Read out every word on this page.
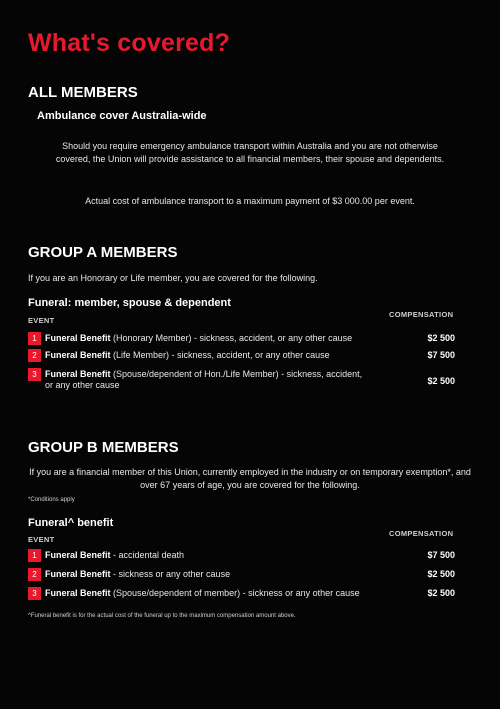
What's covered?
ALL MEMBERS
Ambulance cover Australia-wide
Should you require emergency ambulance transport within Australia and you are not otherwise covered, the Union will provide assistance to all financial members, their spouse and dependents.
Actual cost of ambulance transport to a maximum payment of $3 000.00 per event.
GROUP A MEMBERS
If you are an Honorary or Life member, you are covered for the following.
Funeral: member, spouse & dependent
EVENT
COMPENSATION
1 Funeral Benefit (Honorary Member) - sickness, accident, or any other cause	$2 500
2 Funeral Benefit (Life Member) - sickness, accident, or any other cause	$7 500
3 Funeral Benefit (Spouse/dependent of Hon./Life Member) - sickness, accident, or any other cause	$2 500
GROUP B MEMBERS
If you are a financial member of this Union, currently employed in the industry or on temporary exemption*, and over 67 years of age, you are covered for the following.
*Conditions apply
Funeral^ benefit
EVENT
COMPENSATION
1 Funeral Benefit - accidental death	$7 500
2 Funeral Benefit - sickness or any other cause	$2 500
3 Funeral Benefit (Spouse/dependent of member) - sickness or any other cause	$2 500
^Funeral benefit is for the actual cost of the funeral up to the maximum compensation amount above.
